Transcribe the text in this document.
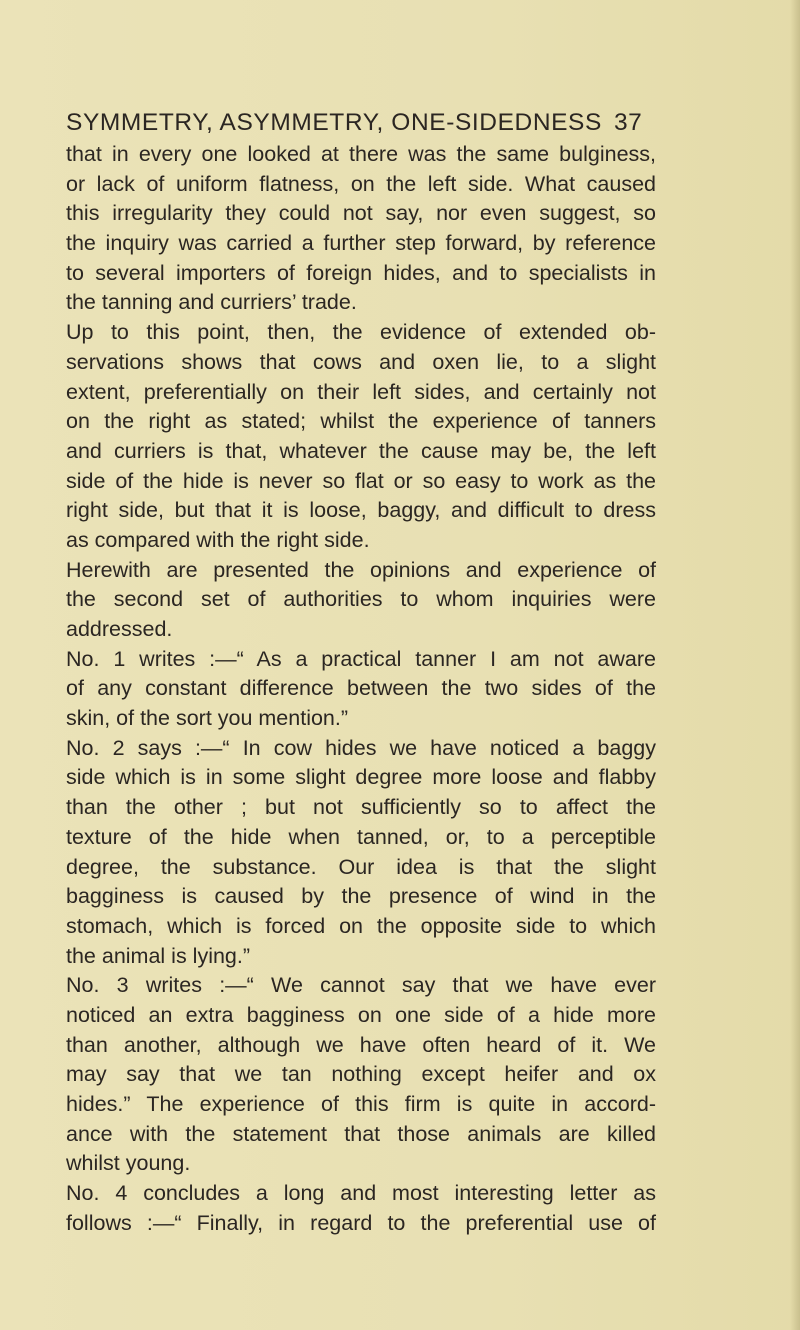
SYMMETRY, ASYMMETRY, ONE-SIDEDNESS 37
that in every one looked at there was the same bulginess,
or lack of uniform flatness, on the left side. What caused
this irregularity they could not say, nor even suggest, so
the inquiry was carried a further step forward, by reference
to several importers of foreign hides, and to specialists in
the tanning and curriers’ trade.
Up to this point, then, the evidence of extended ob-
servations shows that cows and oxen lie, to a slight
extent, preferentially on their left sides, and certainly not
on the right as stated; whilst the experience of tanners
and curriers is that, whatever the cause may be, the left
side of the hide is never so flat or so easy to work as the
right side, but that it is loose, baggy, and difficult to dress
as compared with the right side.
Herewith are presented the opinions and experience of
the second set of authorities to whom inquiries were
addressed.
No. 1 writes :—“ As a practical tanner I am not aware
of any constant difference between the two sides of the
skin, of the sort you mention.”
No. 2 says :—“ In cow hides we have noticed a baggy
side which is in some slight degree more loose and flabby
than the other ; but not sufficiently so to affect the
texture of the hide when tanned, or, to a perceptible
degree, the substance. Our idea is that the slight
bagginess is caused by the presence of wind in the
stomach, which is forced on the opposite side to which
the animal is lying.”
No. 3 writes :—“ We cannot say that we have ever
noticed an extra bagginess on one side of a hide more
than another, although we have often heard of it. We
may say that we tan nothing except heifer and ox
hides.” The experience of this firm is quite in accord-
ance with the statement that those animals are killed
whilst young.
No. 4 concludes a long and most interesting letter as
follows :—“ Finally, in regard to the preferential use of
